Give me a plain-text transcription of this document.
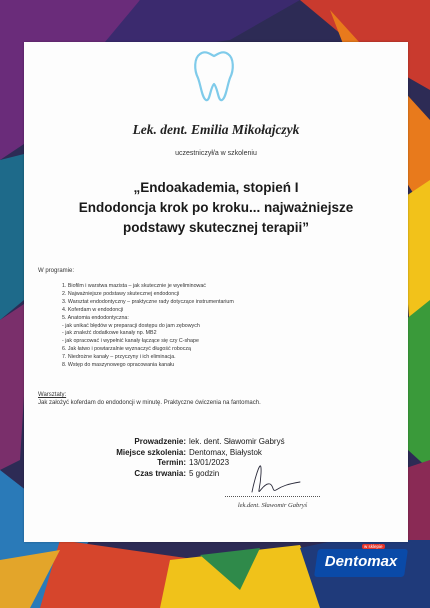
Lek. dent. Emilia Mikołajczyk
uczestniczył/a w szkoleniu
„Endoakademia, stopień I
Endodoncja krok po kroku... najważniejsze
podstawy skutecznej terapii”
W programie:
1. Biofilm i warstwa mazista – jak skutecznie je wyeliminować
2. Najważniejsze podstawy skutecznej endodoncji
3. Warsztat endodontyczny – praktyczne rady dotyczące instrumentarium
4. Koferdam w endodoncji
5. Anatomia endodontyczna:
- jak unikać błędów w preparacji dostępu do jam zębowych
- jak znaleźć dodatkowe kanały np. MB2
- jak opracować i wypełnić kanały łączące się czy C-shape
6. Jak łatwo i powtarzalnie wyznaczyć długość roboczą
7. Niedrożne kanały – przyczyny i ich eliminacja.
8. Wstęp do maszynowego opracowania kanału
Warsztaty:
Jak założyć koferdam do endodoncji w minutę. Praktyczne ćwiczenia na fantomach.
Prowadzenie:
Miejsce szkolenia:
Termin:
Czas trwania:
lek. dent. Sławomir Gabryś
Dentomax, Białystok
13/01/2023
5 godzin
lek.dent. Sławomir Gabryś
Dentomax
w sklepie
